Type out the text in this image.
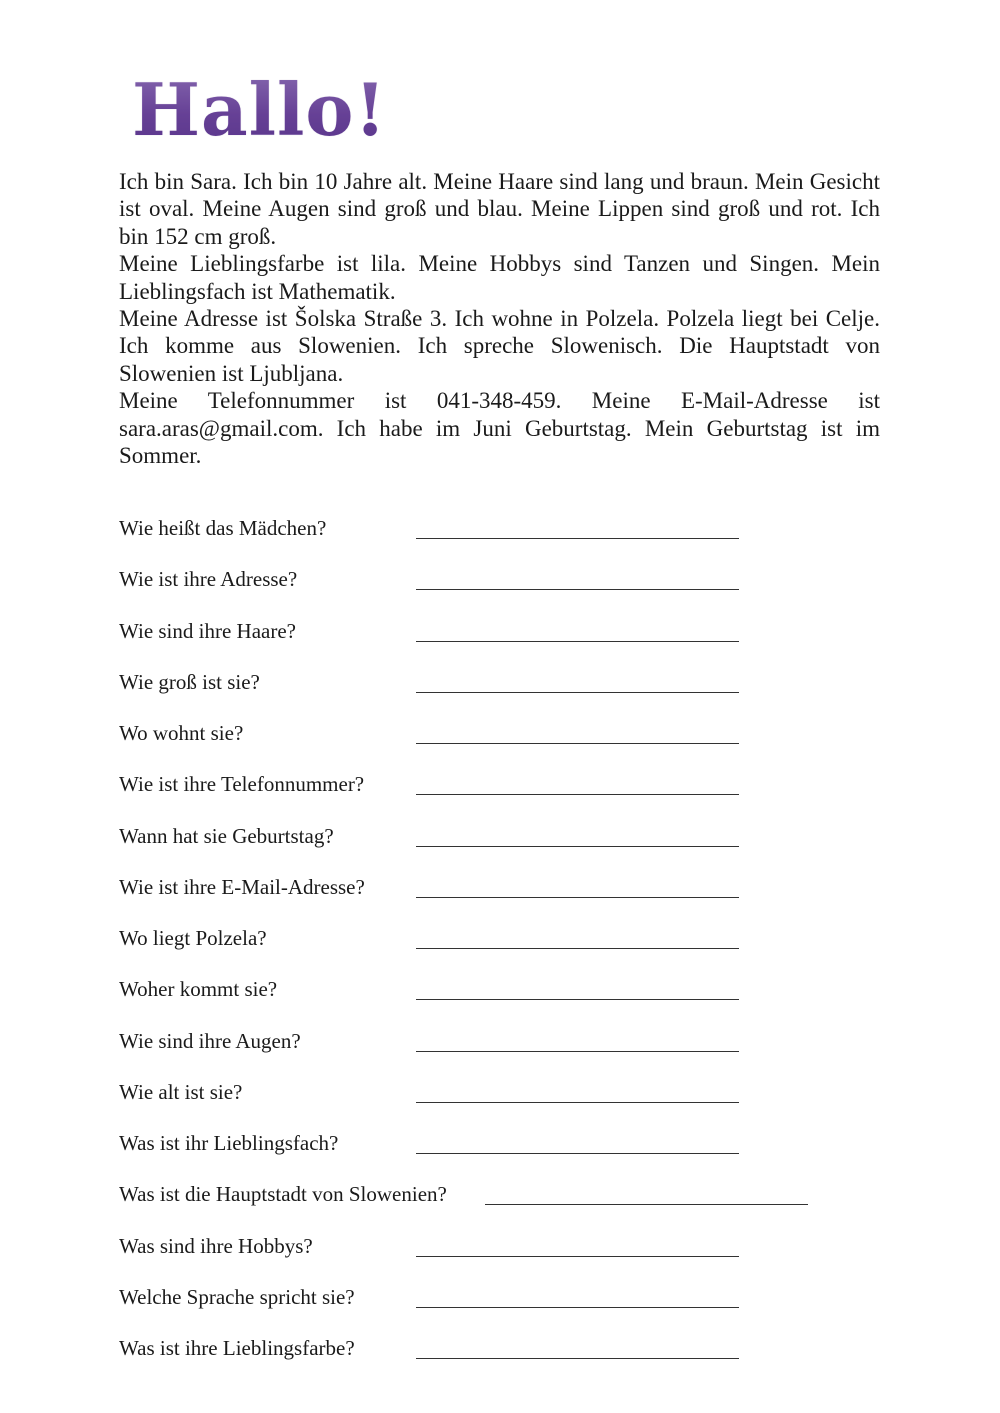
Hallo!

Ich bin Sara. Ich bin 10 Jahre alt. Meine Haare sind lang und braun. Mein Gesicht ist oval. Meine Augen sind groß und blau. Meine Lippen sind groß und rot. Ich bin 152 cm groß.

Meine Lieblingsfarbe ist lila. Meine Hobbys sind Tanzen und Singen. Mein Lieblingsfach ist Mathematik.

Meine Adresse ist Šolska Straße 3. Ich wohne in Polzela. Polzela liegt bei Celje. Ich komme aus Slowenien. Ich spreche Slowenisch. Die Hauptstadt von Slowenien ist Ljubljana.

Meine Telefonnummer ist 041-348-459. Meine E-Mail-Adresse ist sara.aras@gmail.com. Ich habe im Juni Geburtstag. Mein Geburtstag ist im Sommer.

Wie heißt das Mädchen?
Wie ist ihre Adresse?
Wie sind ihre Haare?
Wie groß ist sie?
Wo wohnt sie?
Wie ist ihre Telefonnummer?
Wann hat sie Geburtstag?
Wie ist ihre E-Mail-Adresse?
Wo liegt Polzela?
Woher kommt sie?
Wie sind ihre Augen?
Wie alt ist sie?
Was ist ihr Lieblingsfach?
Was ist die Hauptstadt von Slowenien?
Was sind ihre Hobbys?
Welche Sprache spricht sie?
Was ist ihre Lieblingsfarbe?
